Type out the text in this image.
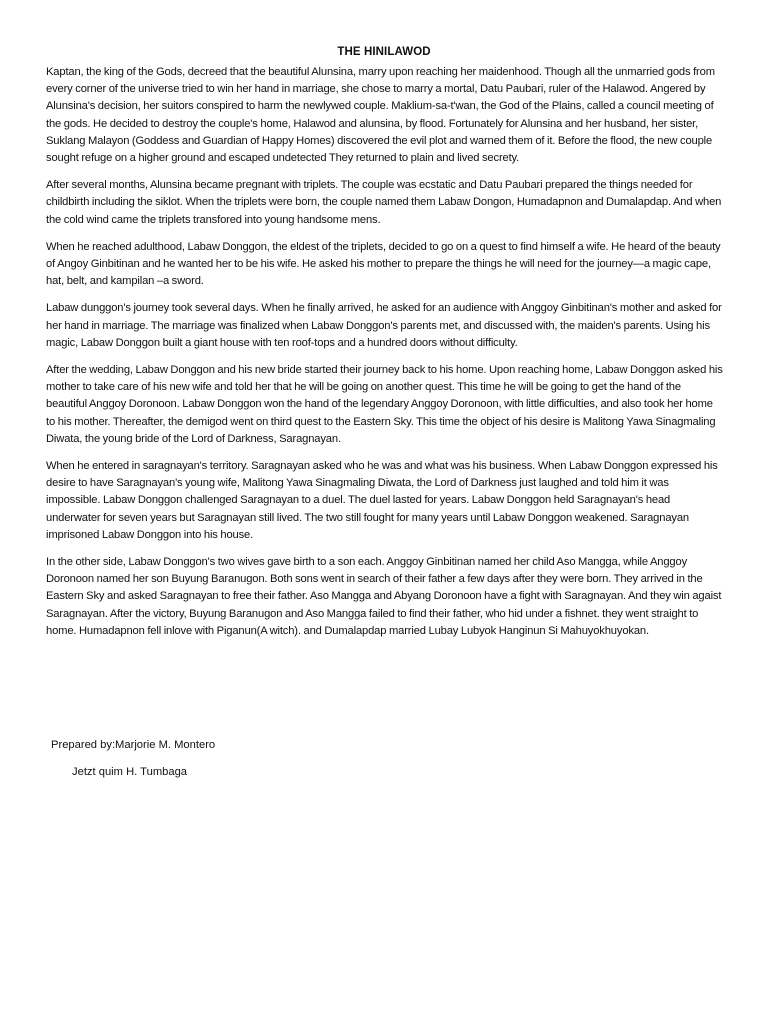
THE HINILAWOD

Kaptan, the king of the Gods, decreed that the beautiful Alunsina, marry upon reaching her maidenhood. Though all the unmarried gods from every corner of the universe tried to win her hand in marriage, she chose to marry a mortal, Datu Paubari, ruler of the Halawod. Angered by Alunsina's decision, her suitors conspired to harm the newlywed couple. Maklium-sa-t'wan, the God of the Plains, called a council meeting of the gods. He decided to destroy the couple's home, Halawod and alunsina, by flood. Fortunately for Alunsina and her husband, her sister, Suklang Malayon (Goddess and Guardian of Happy Homes) discovered the evil plot and warned them of it. Before the flood, the new couple sought refuge on a higher ground and escaped undetected They returned to plain and lived secrety.

After several months, Alunsina became pregnant with triplets. The couple was ecstatic and Datu Paubari prepared the things needed for childbirth including the siklot. When the triplets were born, the couple named them Labaw Dongon, Humadapnon and Dumalapdap. And when the cold wind came the triplets transfored into young handsome mens.

When he reached adulthood, Labaw Donggon, the eldest of the triplets, decided to go on a quest to find himself a wife. He heard of the beauty of Angoy Ginbitinan and he wanted her to be his wife. He asked his mother to prepare the things he will need for the journey—a magic cape, hat, belt, and kampilan –a sword.

Labaw dunggon's journey took several days. When he finally arrived, he asked for an audience with Anggoy Ginbitinan's mother and asked for her hand in marriage. The marriage was finalized when Labaw Donggon's parents met, and discussed with, the maiden's parents. Using his magic, Labaw Donggon built a giant house with ten roof-tops and a hundred doors without difficulty.

After the wedding, Labaw Donggon and his new bride started their journey back to his home. Upon reaching home, Labaw Donggon asked his mother to take care of his new wife and told her that he will be going on another quest. This time he will be going to get the hand of the beautiful Anggoy Doronoon. Labaw Donggon won the hand of the legendary Anggoy Doronoon, with little difficulties, and also took her home to his mother. Thereafter, the demigod went on third quest to the Eastern Sky. This time the object of his desire is Malitong Yawa Sinagmaling Diwata, the young bride of the Lord of Darkness, Saragnayan.

When he entered in saragnayan's territory. Saragnayan asked who he was and what was his business. When Labaw Donggon expressed his desire to have Saragnayan's young wife, Malitong Yawa Sinagmaling Diwata, the Lord of Darkness just laughed and told him it was impossible. Labaw Donggon challenged Saragnayan to a duel. The duel lasted for years. Labaw Donggon held Saragnayan's head underwater for seven years but Saragnayan still lived. The two still fought for many years until Labaw Donggon weakened. Saragnayan imprisoned Labaw Donggon into his house.

In the other side, Labaw Donggon's two wives gave birth to a son each. Anggoy Ginbitinan named her child Aso Mangga, while Anggoy Doronoon named her son Buyung Baranugon. Both sons went in search of their father a few days after they were born. They arrived in the Eastern Sky and asked Saragnayan to free their father. Aso Mangga and Abyang Doronoon have a fight with Saragnayan. And they win agaist Saragnayan. After the victory, Buyung Baranugon and Aso Mangga failed to find their father, who hid under a fishnet. they went straight to home. Humadapnon fell inlove with Piganun(A witch). and Dumalapdap married Lubay Lubyok Hanginun Si Mahuyokhuyokan.

Prepared by:Marjorie M. Montero
Jetzt quim H. Tumbaga
